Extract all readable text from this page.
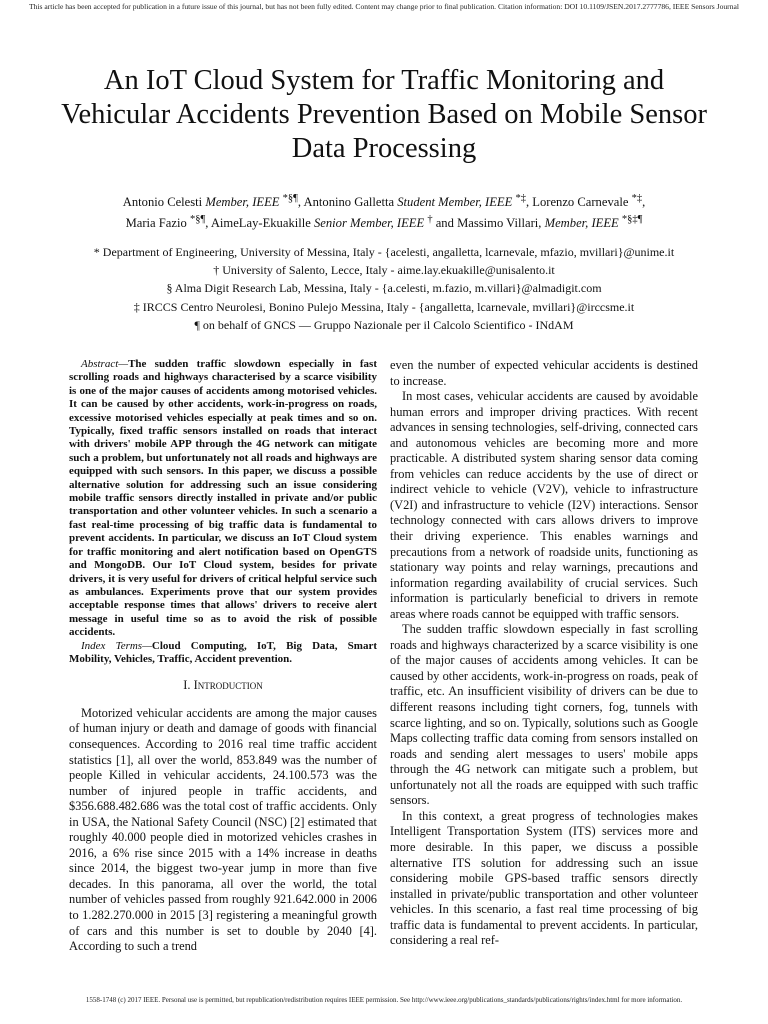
This article has been accepted for publication in a future issue of this journal, but has not been fully edited. Content may change prior to final publication. Citation information: DOI 10.1109/JSEN.2017.2777786, IEEE Sensors Journal
An IoT Cloud System for Traffic Monitoring and Vehicular Accidents Prevention Based on Mobile Sensor Data Processing
Antonio Celesti Member, IEEE *§¶, Antonino Galletta Student Member, IEEE *‡, Lorenzo Carnevale *‡,
Maria Fazio *§¶, AimeLay-Ekuakille Senior Member, IEEE † and Massimo Villari, Member, IEEE *§‡¶
* Department of Engineering, University of Messina, Italy - {acelesti, angalletta, lcarnevale, mfazio, mvillari}@unime.it
† University of Salento, Lecce, Italy - aime.lay.ekuakille@unisalento.it
§ Alma Digit Research Lab, Messina, Italy - {a.celesti, m.fazio, m.villari}@almadigit.com
‡ IRCCS Centro Neurolesi, Bonino Pulejo Messina, Italy - {angalletta, lcarnevale, mvillari}@irccsme.it
¶ on behalf of GNCS — Gruppo Nazionale per il Calcolo Scientifico - INdAM

Abstract—The sudden traffic slowdown especially in fast scrolling roads and highways characterised by a scarce visibility is one of the major causes of accidents among motorised vehicles. It can be caused by other accidents, work-in-progress on roads, excessive motorised vehicles especially at peak times and so on. Typically, fixed traffic sensors installed on roads that interact with drivers' mobile APP through the 4G network can mitigate such a problem, but unfortunately not all roads and highways are equipped with such sensors. In this paper, we discuss a possible alternative solution for addressing such an issue considering mobile traffic sensors directly installed in private and/or public transportation and other volunteer vehicles. In such a scenario a fast real-time processing of big traffic data is fundamental to prevent accidents. In particular, we discuss an IoT Cloud system for traffic monitoring and alert notification based on OpenGTS and MongoDB. Our IoT Cloud system, besides for private drivers, it is very useful for drivers of critical helpful service such as ambulances. Experiments prove that our system provides acceptable response times that allows' drivers to receive alert message in useful time so as to avoid the risk of possible accidents.

Index Terms—Cloud Computing, IoT, Big Data, Smart Mobility, Vehicles, Traffic, Accident prevention.

I. Introduction

Motorized vehicular accidents are among the major causes of human injury or death and damage of goods with financial consequences. According to 2016 real time traffic accident statistics [1], all over the world, 853.849 was the number of people Killed in vehicular accidents, 24.100.573 was the number of injured people in traffic accidents, and $356.688.482.686 was the total cost of traffic accidents. Only in USA, the National Safety Council (NSC) [2] estimated that roughly 40.000 people died in motorized vehicles crashes in 2016, a 6% rise since 2015 with a 14% increase in deaths since 2014, the biggest two-year jump in more than five decades. In this panorama, all over the world, the total number of vehicles passed from roughly 921.642.000 in 2006 to 1.282.270.000 in 2015 [3] registering a meaningful growth of cars and this number is set to double by 2040 [4]. According to such a trend

even the number of expected vehicular accidents is destined to increase.

In most cases, vehicular accidents are caused by avoidable human errors and improper driving practices. With recent advances in sensing technologies, self-driving, connected cars and autonomous vehicles are becoming more and more practicable. A distributed system sharing sensor data coming from vehicles can reduce accidents by the use of direct or indirect vehicle to vehicle (V2V), vehicle to infrastructure (V2I) and infrastructure to vehicle (I2V) interactions. Sensor technology connected with cars allows drivers to improve their driving experience. This enables warnings and precautions from a network of roadside units, functioning as stationary way points and relay warnings, precautions and information regarding availability of crucial services. Such information is particularly beneficial to drivers in remote areas where roads cannot be equipped with traffic sensors.

The sudden traffic slowdown especially in fast scrolling roads and highways characterized by a scarce visibility is one of the major causes of accidents among vehicles. It can be caused by other accidents, work-in-progress on roads, peak of traffic, etc. An insufficient visibility of drivers can be due to different reasons including tight corners, fog, tunnels with scarce lighting, and so on. Typically, solutions such as Google Maps collecting traffic data coming from sensors installed on roads and sending alert messages to users' mobile apps through the 4G network can mitigate such a problem, but unfortunately not all the roads are equipped with such traffic sensors.

In this context, a great progress of technologies makes Intelligent Transportation System (ITS) services more and more desirable. In this paper, we discuss a possible alternative ITS solution for addressing such an issue considering mobile GPS-based traffic sensors directly installed in private/public transportation and other volunteer vehicles. In this scenario, a fast real time processing of big traffic data is fundamental to prevent accidents. In particular, considering a real ref-

1558-1748 (c) 2017 IEEE. Personal use is permitted, but republication/redistribution requires IEEE permission. See http://www.ieee.org/publications_standards/publications/rights/index.html for more information.
